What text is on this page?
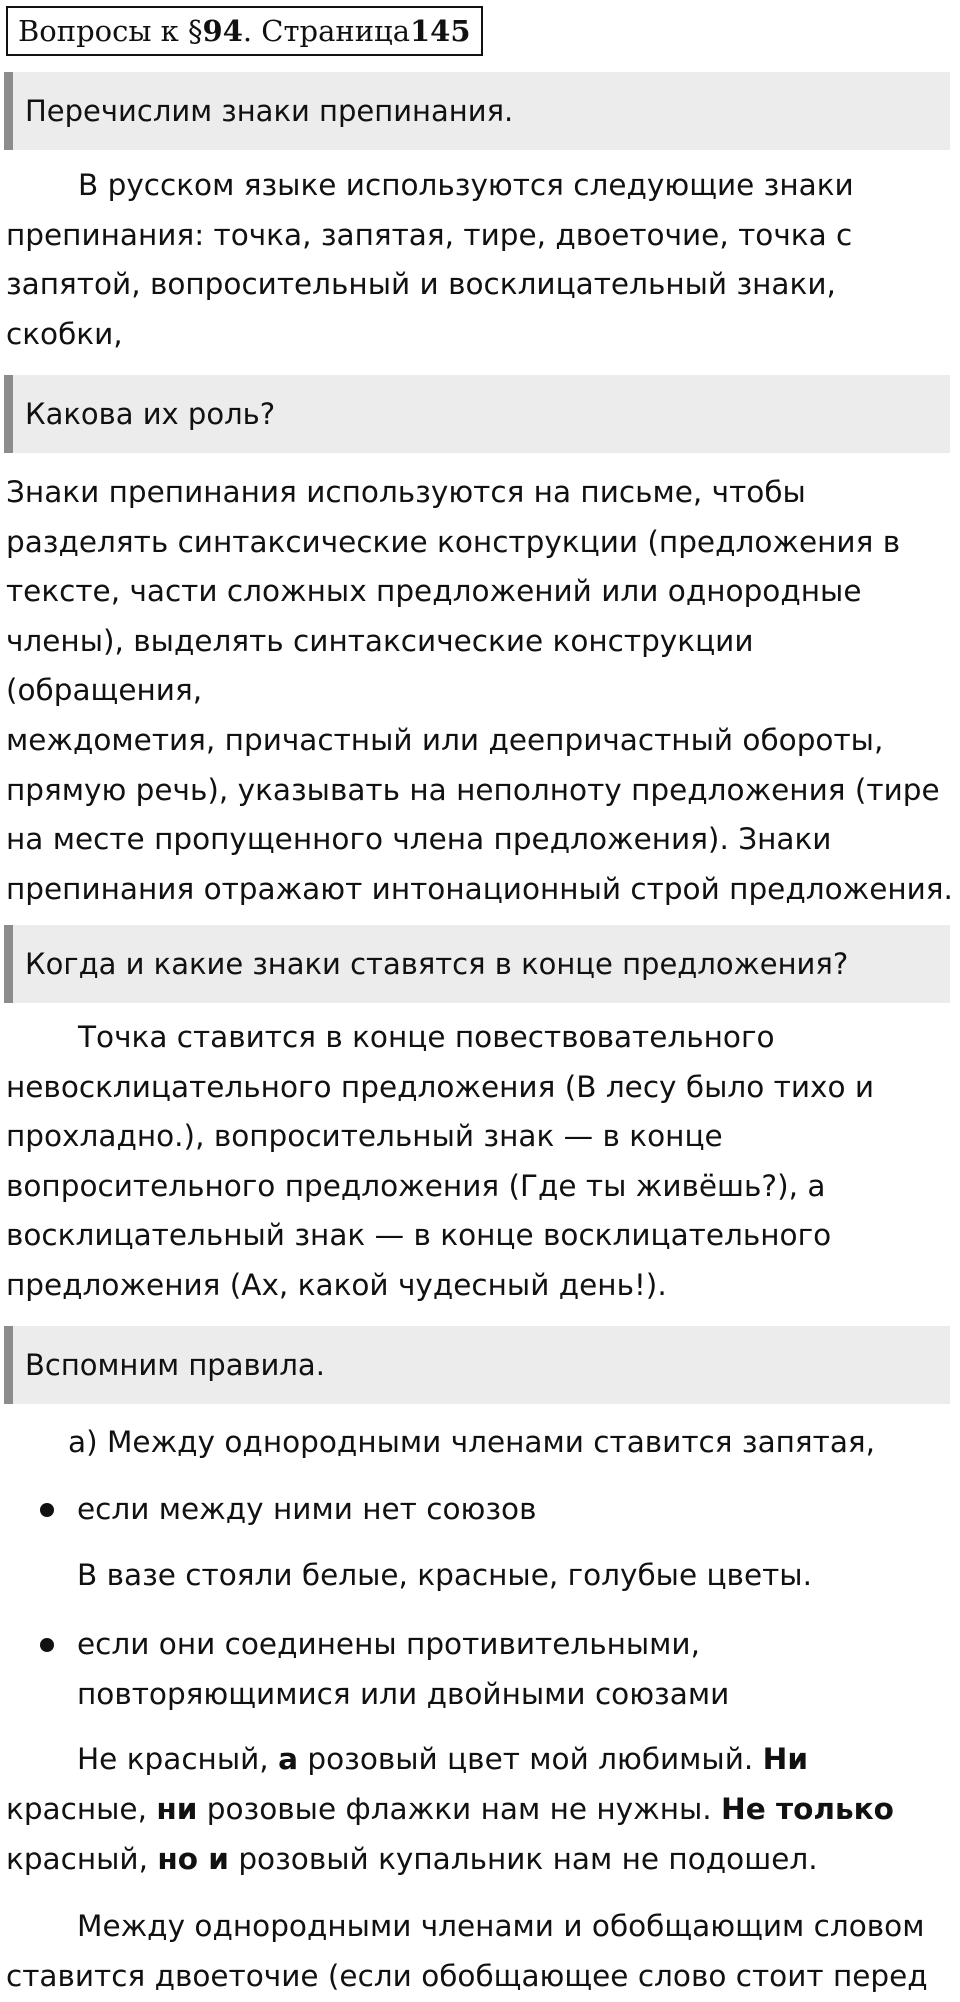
Вопросы к § 94 . Страница 145
Перечислим знаки препинания.
В русском языке используются следующие знаки
препинания: точка, запятая, тире, двоеточие, точка с
запятой, вопросительный и восклицательный знаки, скобки,

Какова их роль?
Знаки препинания используются на письме, чтобы
разделять синтаксические конструкции (предложения в
тексте, части сложных предложений или однородные
члены), выделять синтаксические конструкции (обращения,
междометия, причастный или деепричастный обороты,
прямую речь), указывать на неполноту предложения (тире
на месте пропущенного члена предложения). Знаки
препинания отражают интонационный строй предложения.

Когда и какие знаки ставятся в конце предложения?
Точка ставится в конце повествовательного
невосклицательного предложения (В лесу было тихо и
прохладно.), вопросительный знак — в конце
вопросительного предложения (Где ты живёшь?), а
восклицательный знак — в конце восклицательного
предложения (Ах, какой чудесный день!).
Вспомним правила.
а) Между однородными членами ставится запятая,
если между ними нет союзов
В вазе стояли белые, красные, голубые цветы.
если они соединены противительными,
повторяющимися или двойными союзами
Не красный, а розовый цвет мой любимый. Ни
красные, ни розовые флажки нам не нужны. Не только
красный, но и розовый купальник нам не подошел.
Между однородными членами и обобщающим словом
ставится двоеточие (если обобщающее слово стоит перед
